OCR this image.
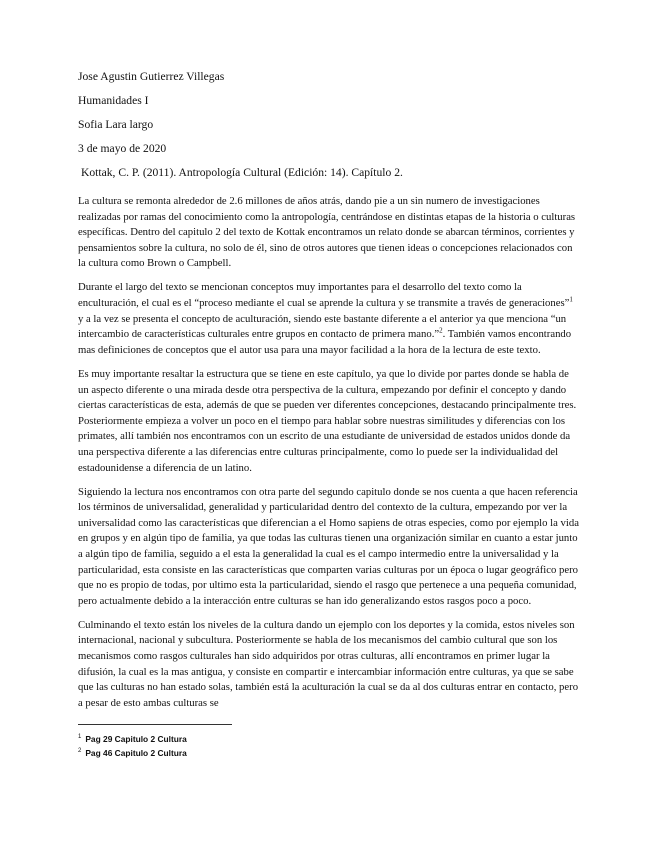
Jose Agustin Gutierrez Villegas
Humanidades I
Sofia Lara largo
3 de mayo de 2020
Kottak, C. P. (2011). Antropología Cultural (Edición: 14). Capítulo 2.

La cultura se remonta alrededor de 2.6 millones de años atrás, dando pie a un sin numero de investigaciones realizadas por ramas del conocimiento como la antropología, centrándose en distintas etapas de la historia o culturas específicas. Dentro del capitulo 2 del texto de Kottak encontramos un relato donde se abarcan términos, corrientes y pensamientos sobre la cultura, no solo de él, sino de otros autores que tienen ideas o concepciones relacionados con la cultura como Brown o Campbell.

Durante el largo del texto se mencionan conceptos muy importantes para el desarrollo del texto como la enculturación, el cual es el “proceso mediante el cual se aprende la cultura y se transmite a través de generaciones”$^1$ y a la vez se presenta el concepto de aculturación, siendo este bastante diferente a el anterior ya que menciona “un intercambio de características culturales entre grupos en contacto de primera mano.”$^2$. También vamos encontrando mas definiciones de conceptos que el autor usa para una mayor facilidad a la hora de la lectura de este texto.

Es muy importante resaltar la estructura que se tiene en este capítulo, ya que lo divide por partes donde se habla de un aspecto diferente o una mirada desde otra perspectiva de la cultura, empezando por definir el concepto y dando ciertas características de esta, además de que se pueden ver diferentes concepciones, destacando principalmente tres. Posteriormente empieza a volver un poco en el tiempo para hablar sobre nuestras similitudes y diferencias con los primates, allí también nos encontramos con un escrito de una estudiante de universidad de estados unidos donde da una perspectiva diferente a las diferencias entre culturas principalmente, como lo puede ser la individualidad del estadounidense a diferencia de un latino.

Siguiendo la lectura nos encontramos con otra parte del segundo capitulo donde se nos cuenta a que hacen referencia los términos de universalidad, generalidad y particularidad dentro del contexto de la cultura, empezando por ver la universalidad como las características que diferencian a el Homo sapiens de otras especies, como por ejemplo la vida en grupos y en algún tipo de familia, ya que todas las culturas tienen una organización similar en cuanto a estar junto a algún tipo de familia, seguido a el esta la generalidad la cual es el campo intermedio entre la universalidad y la particularidad, esta consiste en las características que comparten varias culturas por un época o lugar geográfico pero que no es propio de todas, por ultimo esta la particularidad, siendo el rasgo que pertenece a una pequeña comunidad, pero actualmente debido a la interacción entre culturas se han ido generalizando estos rasgos poco a poco.

Culminando el texto están los niveles de la cultura dando un ejemplo con los deportes y la comida, estos niveles son internacional, nacional y subcultura. Posteriormente se habla de los mecanismos del cambio cultural que son los mecanismos como rasgos culturales han sido adquiridos por otras culturas, allí encontramos en primer lugar la difusión, la cual es la mas antigua, y consiste en compartir e intercambiar información entre culturas, ya que se sabe que las culturas no han estado solas, también está la aculturación la cual se da al dos culturas entrar en contacto, pero a pesar de esto ambas culturas se

$^1$ Pag 29 Capitulo 2 Cultura
$^2$ Pag 46 Capitulo 2 Cultura
